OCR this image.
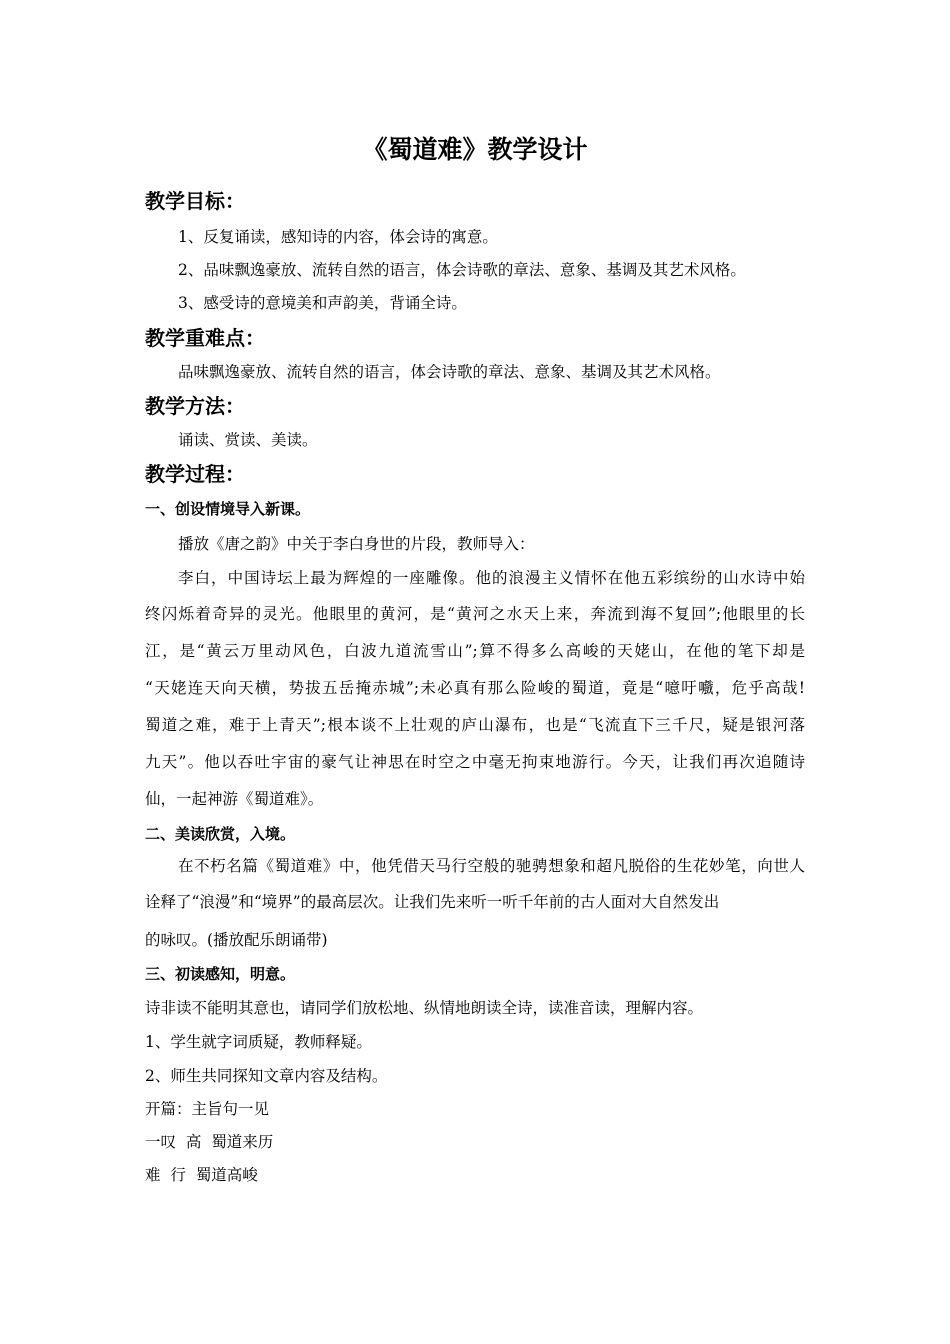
《蜀道难》教学设计
教学目标：
1、反复诵读，感知诗的内容，体会诗的寓意。
2、品味飘逸豪放、流转自然的语言，体会诗歌的章法、意象、基调及其艺术风格。
3、感受诗的意境美和声韵美，背诵全诗。
教学重难点：
品味飘逸豪放、流转自然的语言，体会诗歌的章法、意象、基调及其艺术风格。
教学方法：
诵读、赏读、美读。
教学过程：
一、创设情境导入新课。
播放《唐之韵》中关于李白身世的片段，教师导入：
李白，中国诗坛上最为辉煌的一座雕像。他的浪漫主义情怀在他五彩缤纷的山水诗中始
终闪烁着奇异的灵光。他眼里的黄河，是“黄河之水天上来，奔流到海不复回”;他眼里的长
江，是“黄云万里动风色，白波九道流雪山”;算不得多么高峻的天姥山，在他的笔下却是
“天姥连天向天横，势拔五岳掩赤城”;未必真有那么险峻的蜀道，竟是“噫吁嚱，危乎高哉!
蜀道之难，难于上青天”;根本谈不上壮观的庐山瀑布，也是“飞流直下三千尺，疑是银河落
九天”。他以吞吐宇宙的豪气让神思在时空之中毫无拘束地游行。今天，让我们再次追随诗
仙，一起神游《蜀道难》。
二、美读欣赏，入境。
在不朽名篇《蜀道难》中，他凭借天马行空般的驰骋想象和超凡脱俗的生花妙笔，向世人
诠释了“浪漫”和“境界”的最高层次。让我们先来听一听千年前的古人面对大自然发出
的咏叹。(播放配乐朗诵带)
三、初读感知，明意。
诗非读不能明其意也，请同学们放松地、纵情地朗读全诗，读准音读，理解内容。
1、学生就字词质疑，教师释疑。
2、师生共同探知文章内容及结构。
开篇：主旨句一见
一叹  高  蜀道来历
难  行  蜀道高峻
